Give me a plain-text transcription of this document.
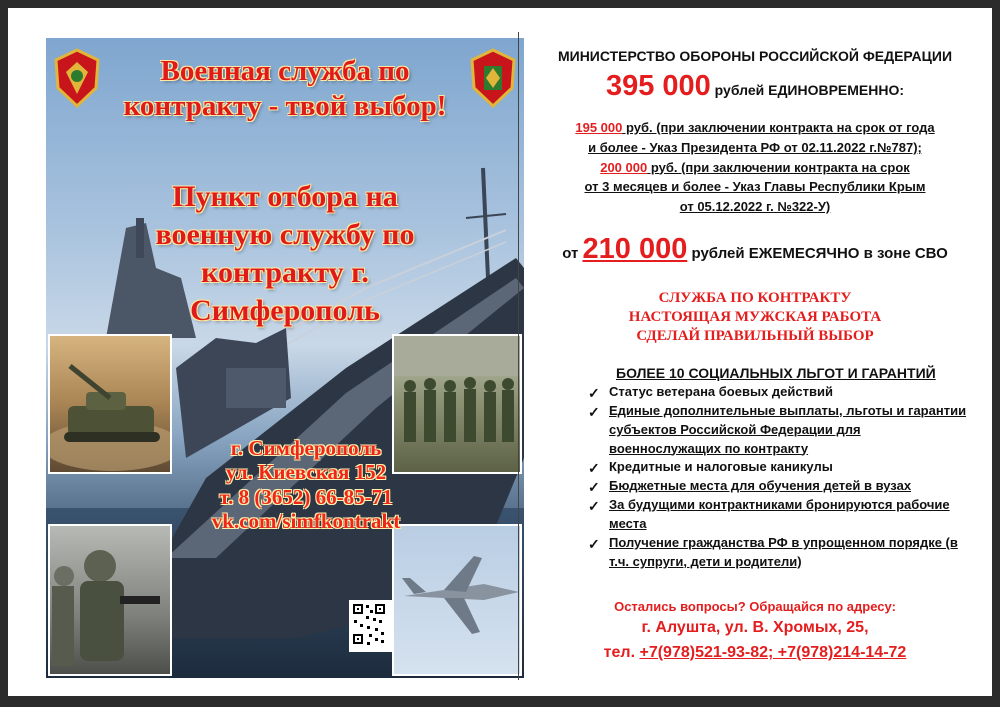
Военная служба по контракту - твой выбор!
Пункт отбора на военную службу по контракту г. Симферополь
г. Симферополь
ул. Киевская 152
т. 8 (3652) 66-85-71
vk.com/simfkontrakt
МИНИСТЕРСТВО ОБОРОНЫ РОССИЙСКОЙ ФЕДЕРАЦИИ
395 000 рублей ЕДИНОВРЕМЕННО:
195 000 руб. (при заключении контракта на срок от года
и более - Указ Президента РФ от 02.11.2022 г.№787);
200 000 руб. (при заключении контракта на срок
от 3 месяцев и более - Указ Главы Республики Крым
от 05.12.2022 г. №322-У)
от 210 000 рублей ЕЖЕМЕСЯЧНО в зоне СВО
СЛУЖБА ПО КОНТРАКТУ
НАСТОЯЩАЯ МУЖСКАЯ РАБОТА
СДЕЛАЙ ПРАВИЛЬНЫЙ ВЫБОР
БОЛЕЕ 10 СОЦИАЛЬНЫХ ЛЬГОТ И ГАРАНТИЙ
✓ Статус ветерана боевых действий
✓ Единые дополнительные выплаты, льготы и гарантии субъектов Российской Федерации для военнослужащих по контракту
✓ Кредитные и налоговые каникулы
✓ Бюджетные места для обучения детей в вузах
✓ За будущими контрактниками бронируются рабочие места
✓ Получение гражданства РФ в упрощенном порядке (в т.ч. супруги, дети и родители)
Остались вопросы? Обращайся по адресу:
г. Алушта, ул. В. Хромых, 25,
тел. +7(978)521-93-82; +7(978)214-14-72
